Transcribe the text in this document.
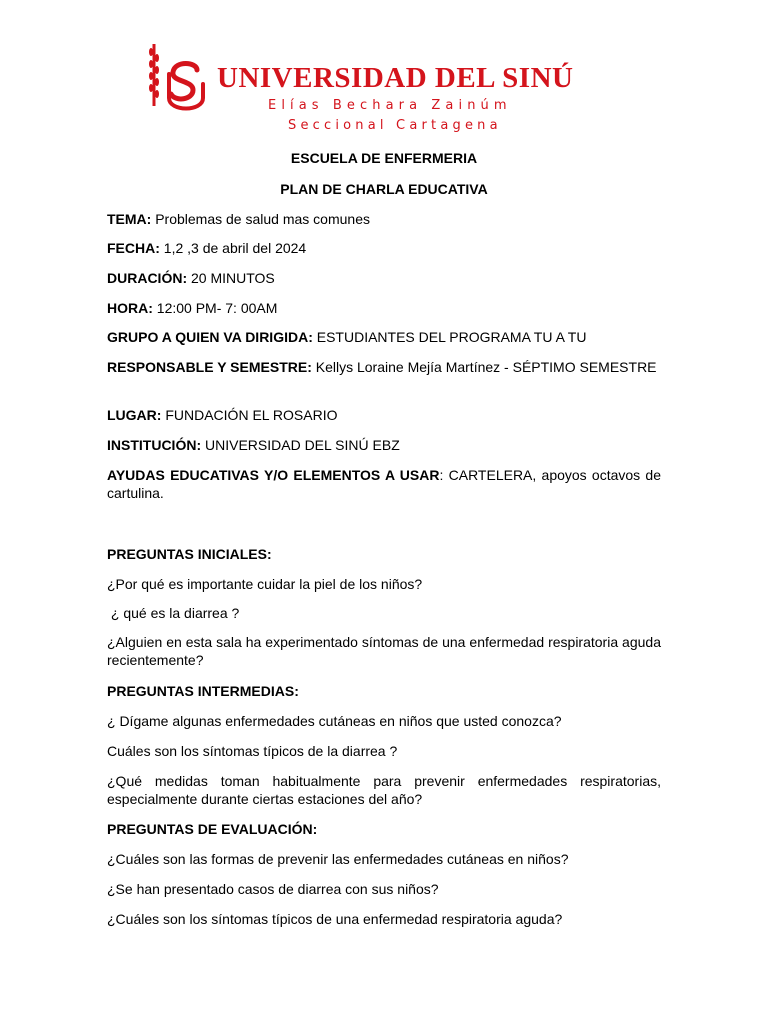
UNIVERSIDAD DEL SINÚ
Elías Bechara Zainúm
Seccional Cartagena
ESCUELA DE ENFERMERIA
PLAN DE CHARLA EDUCATIVA
TEMA: Problemas de salud mas comunes
FECHA: 1,2 ,3 de abril del 2024
DURACIÓN: 20 MINUTOS
HORA: 12:00 PM- 7: 00AM
GRUPO A QUIEN VA DIRIGIDA: ESTUDIANTES DEL PROGRAMA TU A TU
RESPONSABLE Y SEMESTRE: Kellys Loraine Mejía Martínez - SÉPTIMO SEMESTRE
LUGAR: FUNDACIÓN EL ROSARIO
INSTITUCIÓN: UNIVERSIDAD DEL SINÚ EBZ
AYUDAS EDUCATIVAS Y/O ELEMENTOS A USAR: CARTELERA, apoyos octavos de cartulina.
PREGUNTAS INICIALES:
¿Por qué es importante cuidar la piel de los niños?
¿ qué es la diarrea ?
¿Alguien en esta sala ha experimentado síntomas de una enfermedad respiratoria aguda recientemente?
PREGUNTAS INTERMEDIAS:
¿ Dígame algunas enfermedades cutáneas en niños que usted conozca?
Cuáles son los síntomas típicos de la diarrea ?
¿Qué medidas toman habitualmente para prevenir enfermedades respiratorias, especialmente durante ciertas estaciones del año?
PREGUNTAS DE EVALUACIÓN:
¿Cuáles son las formas de prevenir las enfermedades cutáneas en niños?
¿Se han presentado casos de diarrea con sus niños?
¿Cuáles son los síntomas típicos de una enfermedad respiratoria aguda?
